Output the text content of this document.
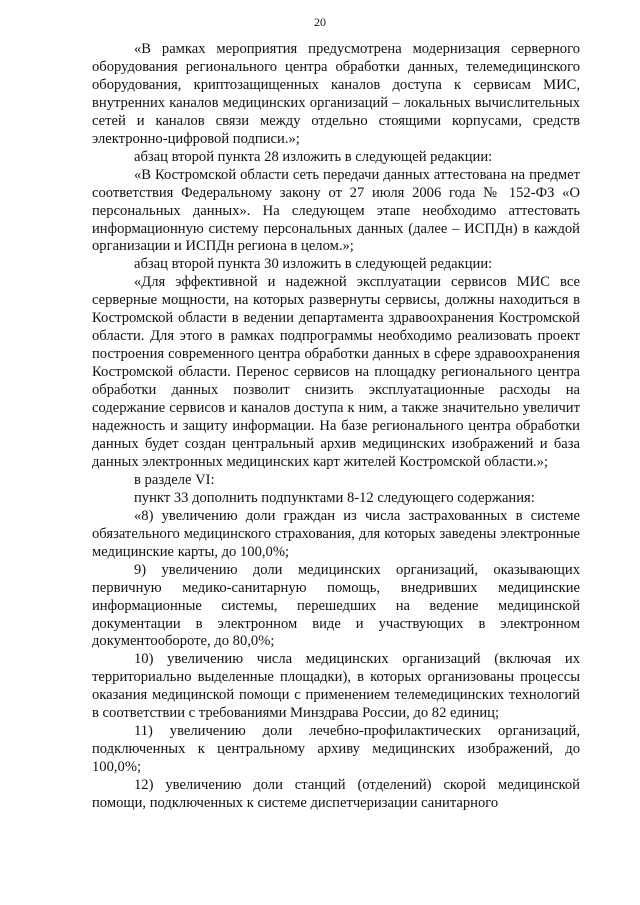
20

«В рамках мероприятия предусмотрена модернизация серверного оборудования регионального центра обработки данных, телемедицинского оборудования, криптозащищенных каналов доступа к сервисам МИС, внутренних каналов медицинских организаций – локальных вычислительных сетей и каналов связи между отдельно стоящими корпусами, средств электронно-цифровой подписи.»;

абзац второй пункта 28 изложить в следующей редакции:

«В Костромской области сеть передачи данных аттестована на предмет соответствия Федеральному закону от 27 июля 2006 года № 152-ФЗ «О персональных данных». На следующем этапе необходимо аттестовать информационную систему персональных данных (далее – ИСПДн) в каждой организации и ИСПДн региона в целом.»;

абзац второй пункта 30 изложить в следующей редакции:

«Для эффективной и надежной эксплуатации сервисов МИС все серверные мощности, на которых развернуты сервисы, должны находиться в Костромской области в ведении департамента здравоохранения Костромской области. Для этого в рамках подпрограммы необходимо реализовать проект построения современного центра обработки данных в сфере здравоохранения Костромской области. Перенос сервисов на площадку регионального центра обработки данных позволит снизить эксплуатационные расходы на содержание сервисов и каналов доступа к ним, а также значительно увеличит надежность и защиту информации. На базе регионального центра обработки данных будет создан центральный архив медицинских изображений и база данных электронных медицинских карт жителей Костромской области.»;

в разделе VI:

пункт 33 дополнить подпунктами 8-12 следующего содержания:

«8) увеличению доли граждан из числа застрахованных в системе обязательного медицинского страхования, для которых заведены электронные медицинские карты, до 100,0%;

9) увеличению доли медицинских организаций, оказывающих первичную медико-санитарную помощь, внедривших медицинские информационные системы, перешедших на ведение медицинской документации в электронном виде и участвующих в электронном документообороте, до 80,0%;

10) увеличению числа медицинских организаций (включая их территориально выделенные площадки), в которых организованы процессы оказания медицинской помощи с применением телемедицинских технологий в соответствии с требованиями Минздрава России, до 82 единиц;

11) увеличению доли лечебно-профилактических организаций, подключенных к центральному архиву медицинских изображений, до 100,0%;

12) увеличению доли станций (отделений) скорой медицинской помощи, подключенных к системе диспетчеризации санитарного
